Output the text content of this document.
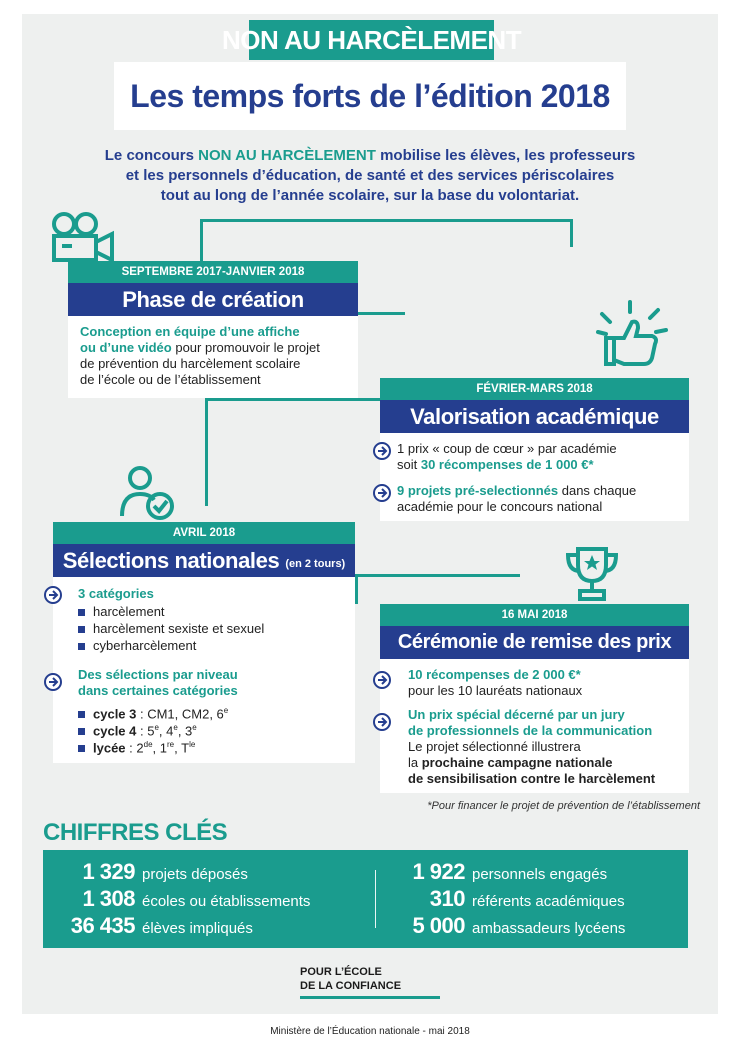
NON AU HARCÈLEMENT
Les temps forts de l’édition 2018
Le concours NON AU HARCÈLEMENT mobilise les élèves, les professeurs
et les personnels d’éducation, de santé et des services périscolaires
tout au long de l’année scolaire, sur la base du volontariat.
SEPTEMBRE 2017-JANVIER 2018
Phase de création
Conception en équipe d’une affiche
ou d’une vidéo pour promouvoir le projet
de prévention du harcèlement scolaire
de l’école ou de l’établissement
FÉVRIER-MARS 2018
Valorisation académique
1 prix « coup de cœur » par académie
soit 30 récompenses de 1 000 €*
9 projets pré-selectionnés dans chaque
académie pour le concours national
AVRIL 2018
Sélections nationales (en 2 tours)
3 catégories
harcèlement
harcèlement sexiste et sexuel
cyberharcèlement
Des sélections par niveau
dans certaines catégories
cycle 3 : CM1, CM2, 6e
cycle 4 : 5e, 4e, 3e
lycée : 2de, 1re, $T^{le}$
16 MAI 2018
Cérémonie de remise des prix
10 récompenses de 2 000 €*
pour les 10 lauréats nationaux
Un prix spécial décerné par un jury
de professionnels de la communication
Le projet sélectionné illustrera
la prochaine campagne nationale
de sensibilisation contre le harcèlement
*Pour financer le projet de prévention de l’établissement
CHIFFRES CLÉS
1 329 projets déposés
1 308 écoles ou établissements
36 435 élèves impliqués
1 922 personnels engagés
310 référents académiques
5 000 ambassadeurs lycéens
POUR L’ÉCOLE
DE LA CONFIANCE
Ministère de l’Éducation nationale - mai 2018
